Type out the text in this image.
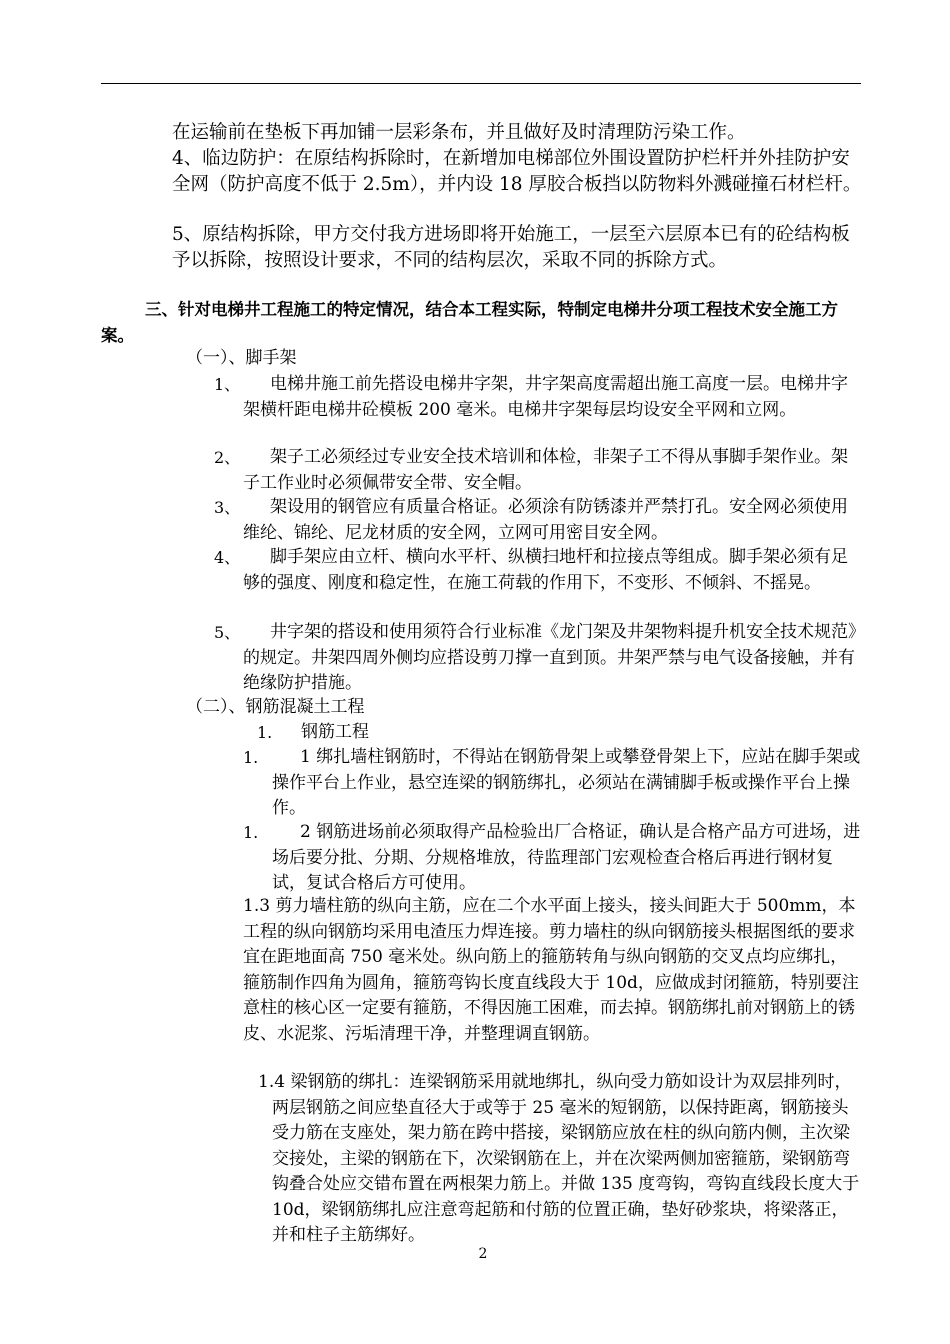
在运输前在垫板下再加铺一层彩条布，并且做好及时清理防污染工作。

4、临边防护：在原结构拆除时，在新增加电梯部位外围设置防护栏杆并外挂防护安全网（防护高度不低于 2.5m），并内设 18 厚胶合板挡以防物料外溅碰撞石材栏杆。

5、原结构拆除，甲方交付我方进场即将开始施工，一层至六层原本已有的砼结构板予以拆除，按照设计要求，不同的结构层次，采取不同的拆除方式。

三、针对电梯井工程施工的特定情况，结合本工程实际，特制定电梯井分项工程技术安全施工方案。

（一）、脚手架

1、	电梯井施工前先搭设电梯井字架，井字架高度需超出施工高度一层。电梯井字架横杆距电梯井砼模板 200 毫米。电梯井字架每层均设安全平网和立网。

2、	架子工必须经过专业安全技术培训和体检，非架子工不得从事脚手架作业。架子工作业时必须佩带安全带、安全帽。

3、	架设用的钢管应有质量合格证。必须涂有防锈漆并严禁打孔。安全网必须使用维纶、锦纶、尼龙材质的安全网，立网可用密目安全网。

4、	脚手架应由立杆、横向水平杆、纵横扫地杆和拉接点等组成。脚手架必须有足够的强度、刚度和稳定性，在施工荷载的作用下，不变形、不倾斜、不摇晃。

5、	井字架的搭设和使用须符合行业标准《龙门架及井架物料提升机安全技术规范》的规定。井架四周外侧均应搭设剪刀撑一直到顶。井架严禁与电气设备接触，并有绝缘防护措施。

（二）、钢筋混凝土工程

1. 钢筋工程

1.	1 绑扎墙柱钢筋时，不得站在钢筋骨架上或攀登骨架上下，应站在脚手架或操作平台上作业，悬空连梁的钢筋绑扎，必须站在满铺脚手板或操作平台上操作。

1.	2 钢筋进场前必须取得产品检验出厂合格证，确认是合格产品方可进场，进场后要分批、分期、分规格堆放，待监理部门宏观检查合格后再进行钢材复试，复试合格后方可使用。

1.3 剪力墙柱筋的纵向主筋，应在二个水平面上接头，接头间距大于 500mm，本工程的纵向钢筋均采用电渣压力焊连接。剪力墙柱的纵向钢筋接头根据图纸的要求宜在距地面高 750 毫米处。纵向筋上的箍筋转角与纵向钢筋的交叉点均应绑扎，箍筋制作四角为圆角，箍筋弯钩长度直线段大于 10d，应做成封闭箍筋，特别要注意柱的核心区一定要有箍筋，不得因施工困难，而去掉。钢筋绑扎前对钢筋上的锈皮、水泥浆、污垢清理干净，并整理调直钢筋。

1.4 梁钢筋的绑扎：连梁钢筋采用就地绑扎，纵向受力筋如设计为双层排列时，两层钢筋之间应垫直径大于或等于 25 毫米的短钢筋，以保持距离，钢筋接头受力筋在支座处，架力筋在跨中搭接，梁钢筋应放在柱的纵向筋内侧，主次梁交接处，主梁的钢筋在下，次梁钢筋在上，并在次梁两侧加密箍筋，梁钢筋弯钩叠合处应交错布置在两根架力筋上。并做 135 度弯钩，弯钩直线段长度大于 10d，梁钢筋绑扎应注意弯起筋和付筋的位置正确，垫好砂浆块，将梁落正，并和柱子主筋绑好。

2
